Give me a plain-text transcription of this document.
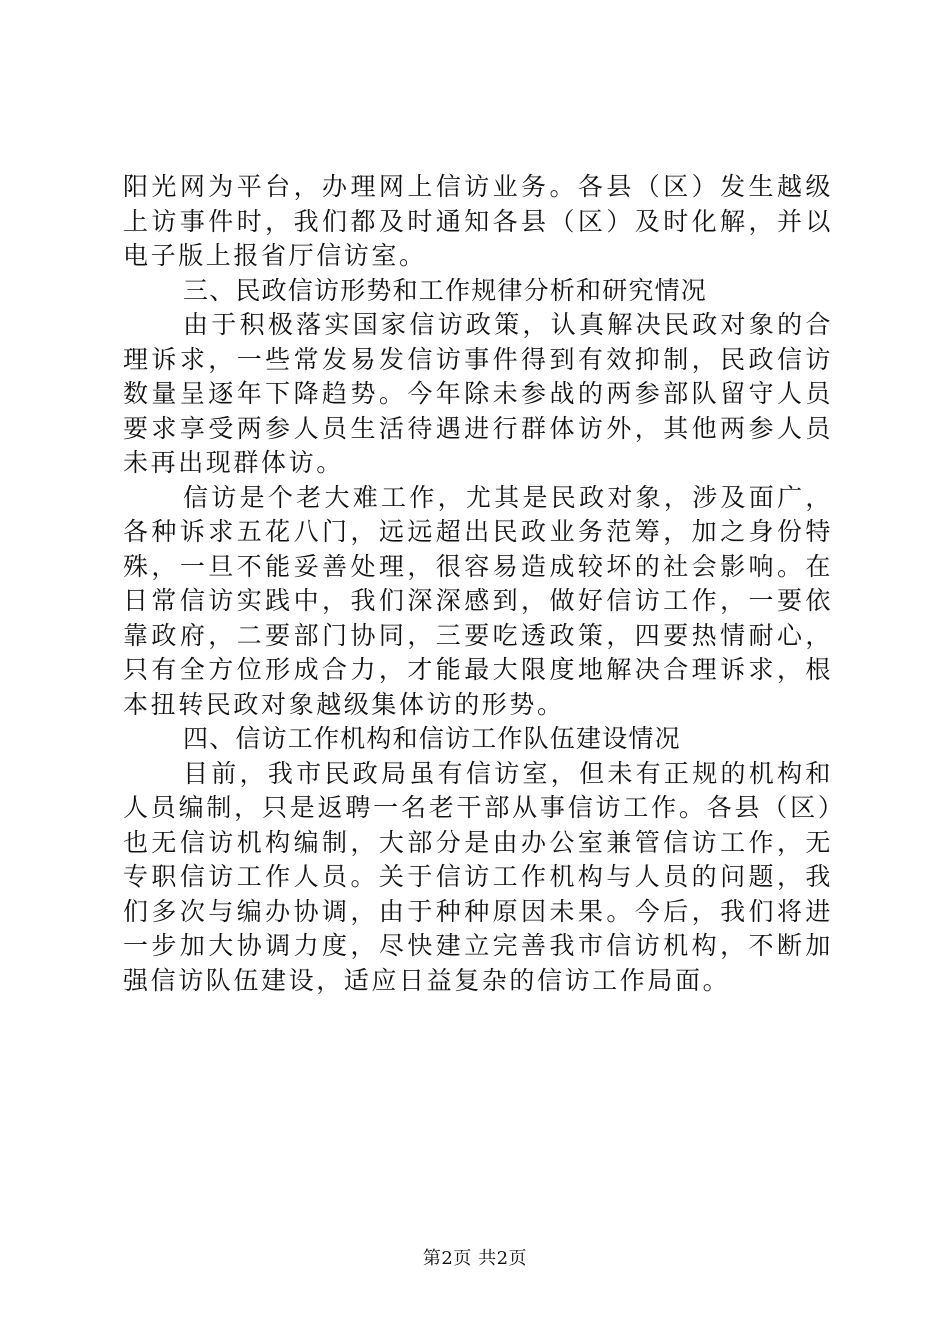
阳光网为平台，办理网上信访业务。各县（区）发生越级上访事件时，我们都及时通知各县（区）及时化解，并以电子版上报省厅信访室。

三、民政信访形势和工作规律分析和研究情况

由于积极落实国家信访政策，认真解决民政对象的合理诉求，一些常发易发信访事件得到有效抑制，民政信访数量呈逐年下降趋势。今年除未参战的两参部队留守人员要求享受两参人员生活待遇进行群体访外，其他两参人员未再出现群体访。

信访是个老大难工作，尤其是民政对象，涉及面广，各种诉求五花八门，远远超出民政业务范筹，加之身份特殊，一旦不能妥善处理，很容易造成较坏的社会影响。在日常信访实践中，我们深深感到，做好信访工作，一要依靠政府，二要部门协同，三要吃透政策，四要热情耐心，只有全方位形成合力，才能最大限度地解决合理诉求，根本扭转民政对象越级集体访的形势。

四、信访工作机构和信访工作队伍建设情况

目前，我市民政局虽有信访室，但未有正规的机构和人员编制，只是返聘一名老干部从事信访工作。各县（区）也无信访机构编制，大部分是由办公室兼管信访工作，无专职信访工作人员。关于信访工作机构与人员的问题，我们多次与编办协调，由于种种原因未果。今后，我们将进一步加大协调力度，尽快建立完善我市信访机构，不断加强信访队伍建设，适应日益复杂的信访工作局面。

第2页 共2页
